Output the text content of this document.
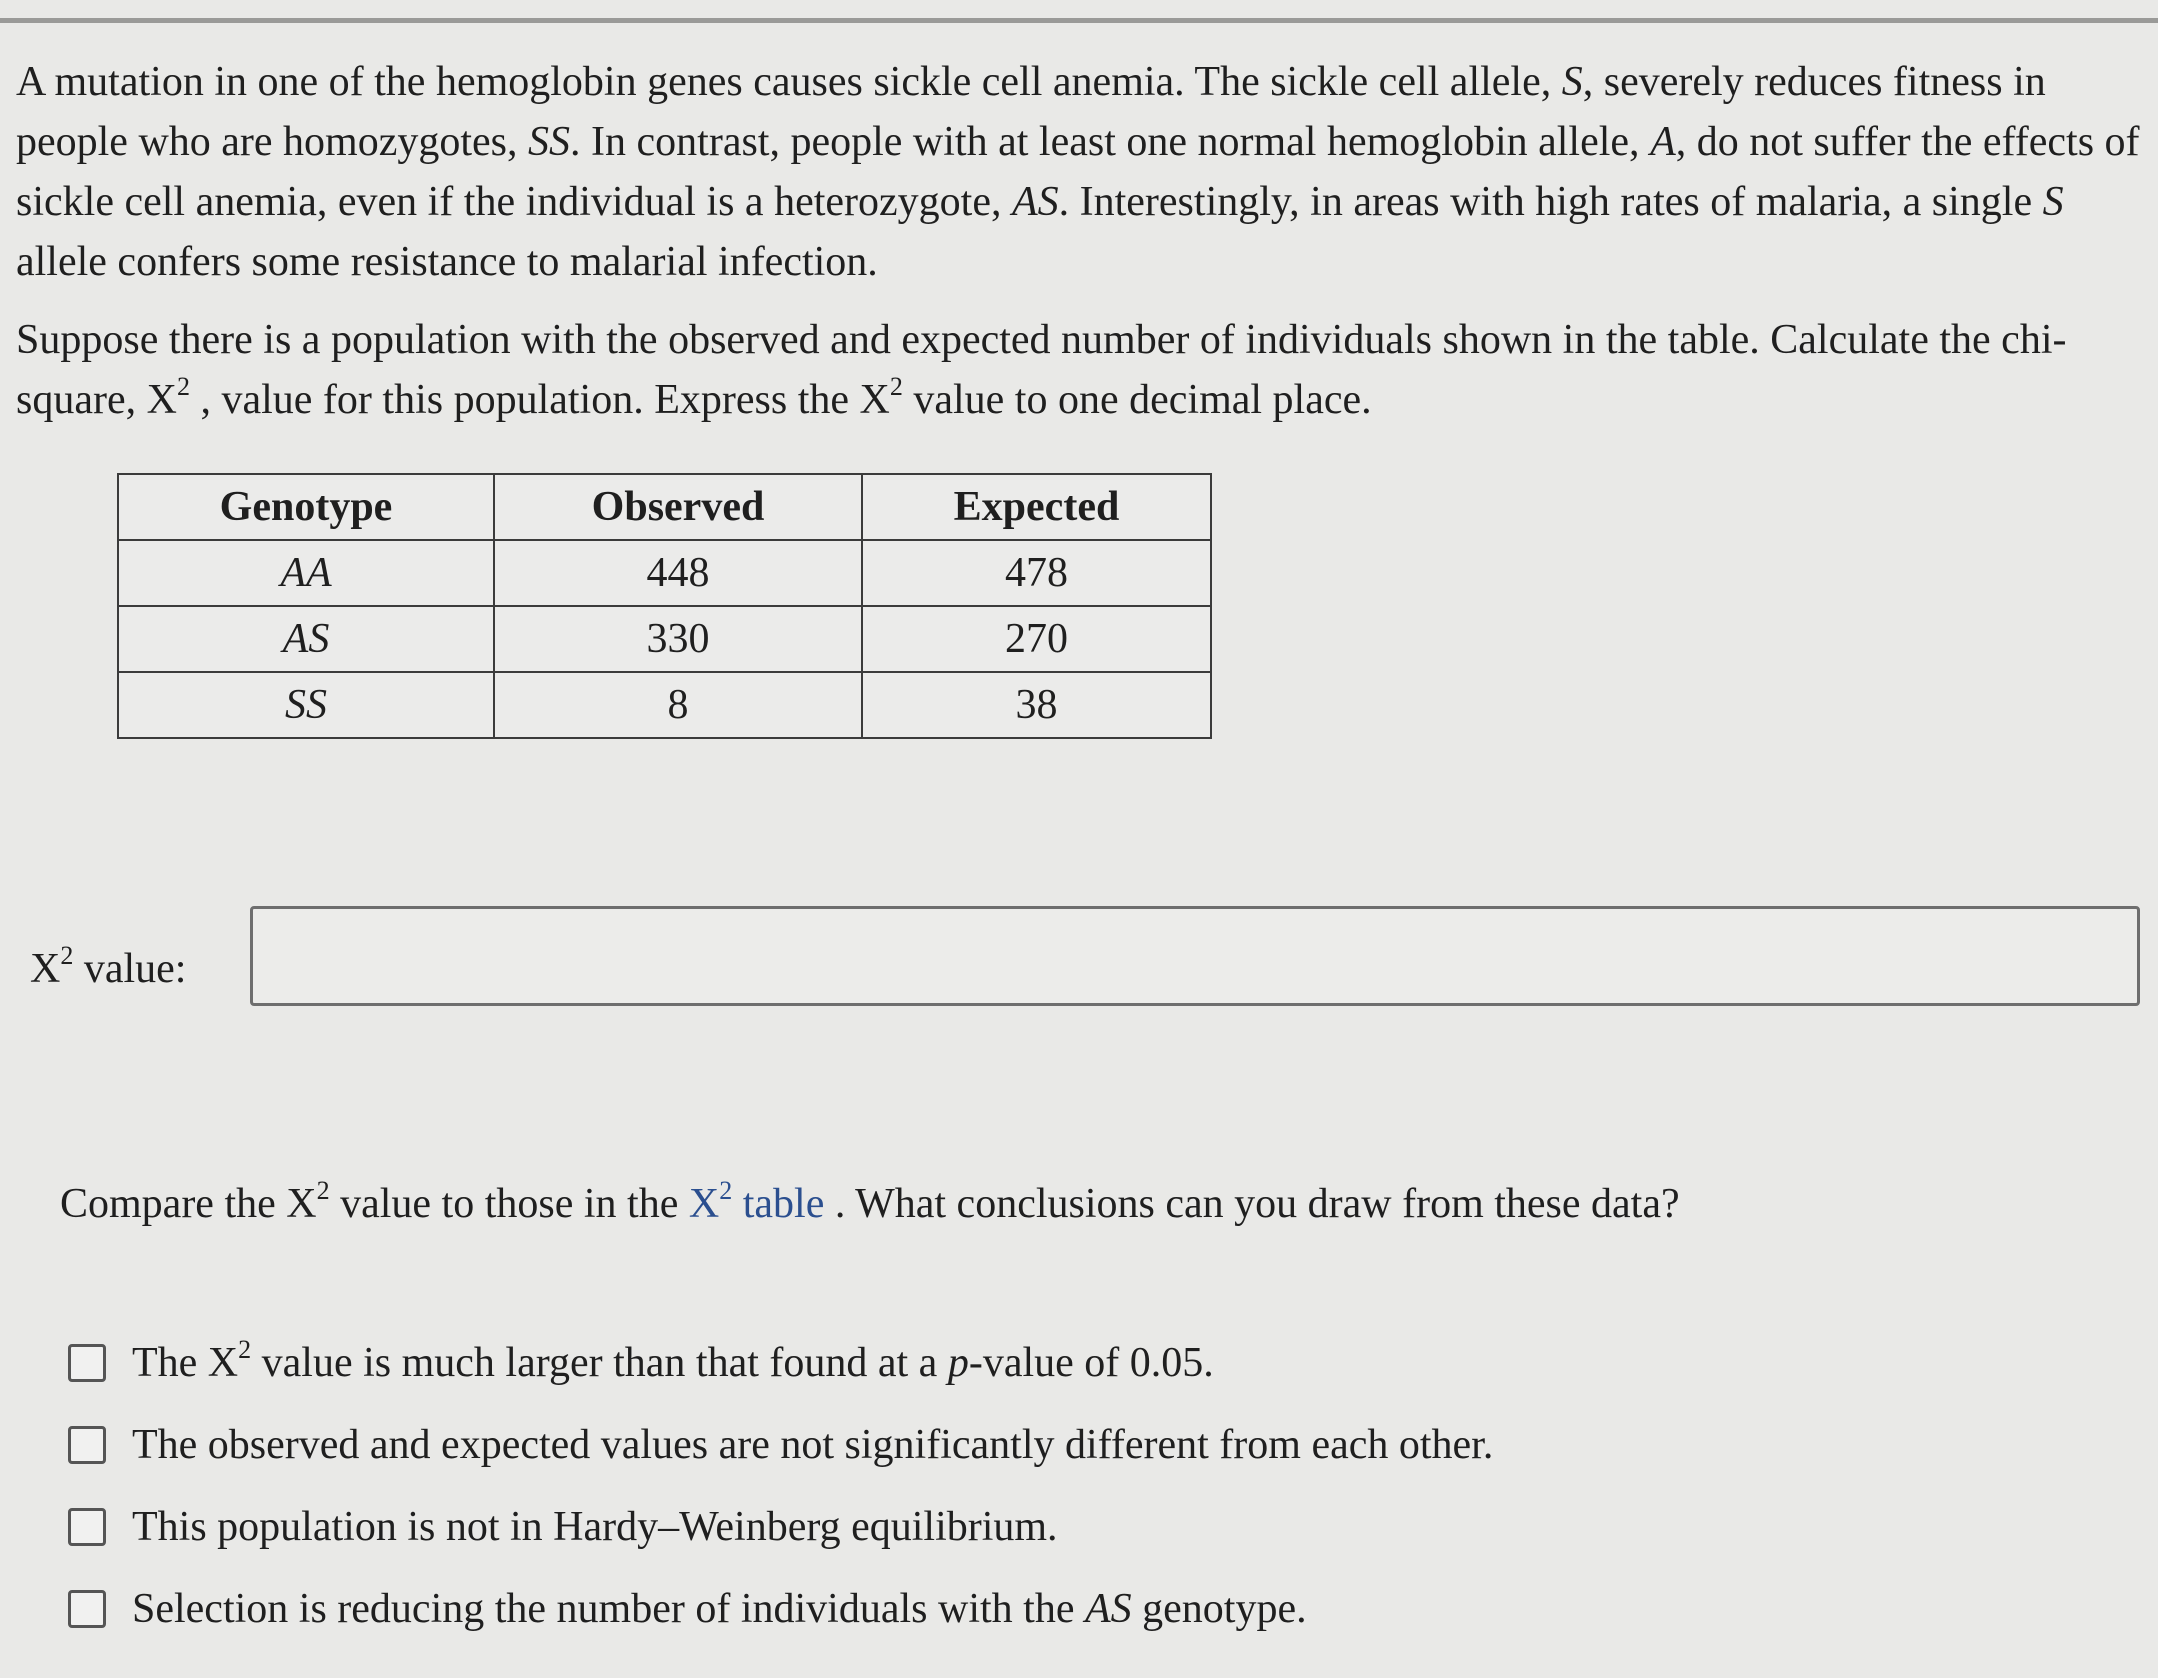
A mutation in one of the hemoglobin genes causes sickle cell anemia. The sickle cell allele, S, severely reduces fitness in people who are homozygotes, SS. In contrast, people with at least one normal hemoglobin allele, A, do not suffer the effects of sickle cell anemia, even if the individual is a heterozygote, AS. Interestingly, in areas with high rates of malaria, a single S allele confers some resistance to malarial infection.

Suppose there is a population with the observed and expected number of individuals shown in the table. Calculate the chi-square, $X^2$ , value for this population. Express the $X^2$ value to one decimal place.

Genotype	Observed	Expected
AA	448	478
AS	330	270
SS	8	38
$X^2$ value:
Compare the $X^2$ value to those in the $X^2$ table . What conclusions can you draw from these data?
The $X^2$ value is much larger than that found at a p-value of 0.05.
The observed and expected values are not significantly different from each other.
This population is not in Hardy–Weinberg equilibrium.
Selection is reducing the number of individuals with the AS genotype.
